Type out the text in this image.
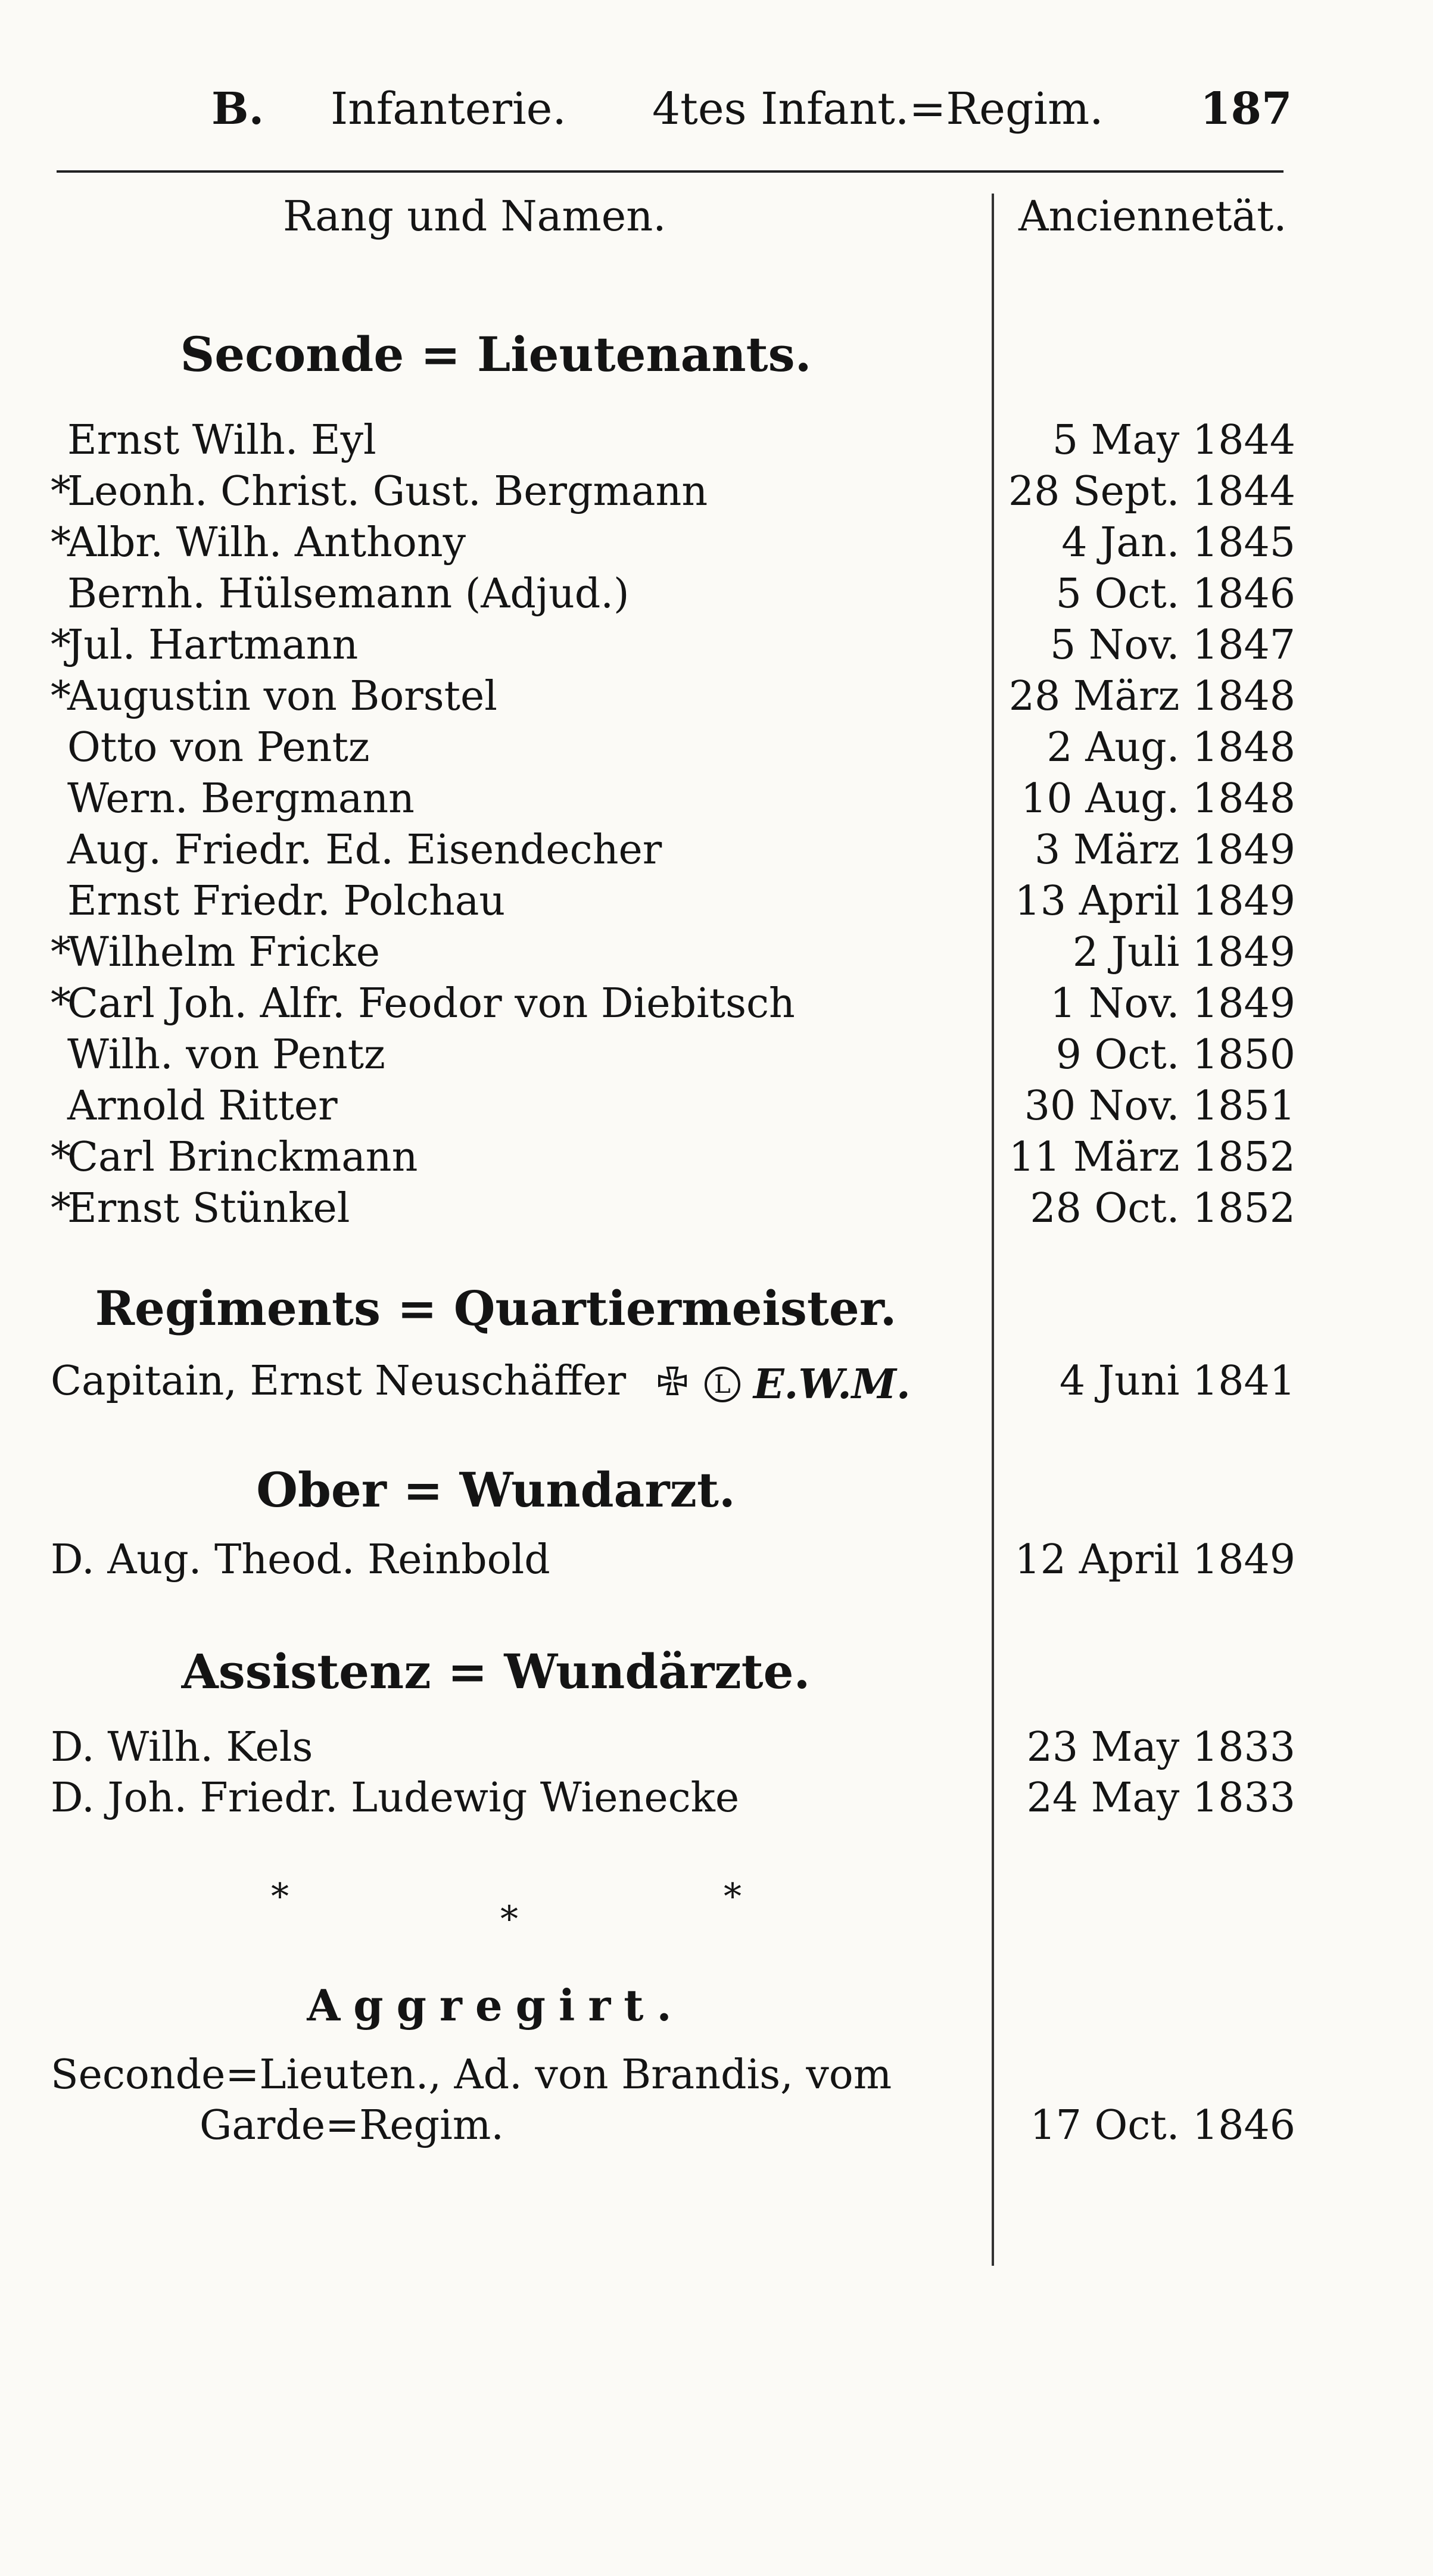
B. Infanterie. 4tes Infant.=Regim. 187
Rang und Namen.	Anciennetät.
Seconde = Lieutenants.
Ernst Wilh. Eyl	5 May 1844
*Leonh. Christ. Gust. Bergmann	28 Sept. 1844
*Albr. Wilh. Anthony	4 Jan. 1845
Bernh. Hülsemann (Adjud.)	5 Oct. 1846
*Jul. Hartmann	5 Nov. 1847
*Augustin von Borstel	28 März 1848
Otto von Pentz	2 Aug. 1848
Wern. Bergmann	10 Aug. 1848
Aug. Friedr. Ed. Eisendecher	3 März 1849
Ernst Friedr. Polchau	13 April 1849
*Wilhelm Fricke	2 Juli 1849
*Carl Joh. Alfr. Feodor von Diebitsch	1 Nov. 1849
Wilh. von Pentz	9 Oct. 1850
Arnold Ritter	30 Nov. 1851
*Carl Brinckmann	11 März 1852
*Ernst Stünkel	28 Oct. 1852
Regiments = Quartiermeister.
Capitain, Ernst Neuschäffer	L E.W.M.	4 Juni 1841
Ober = Wundarzt.
D. Aug. Theod. Reinbold	12 April 1849
Assistenz = Wundärzte.
D. Wilh. Kels	23 May 1833
D. Joh. Friedr. Ludewig Wienecke	24 May 1833
*
*
*
Aggregirt.
Seconde=Lieuten., Ad. von Brandis, vom
Garde=Regim.	17 Oct. 1846
